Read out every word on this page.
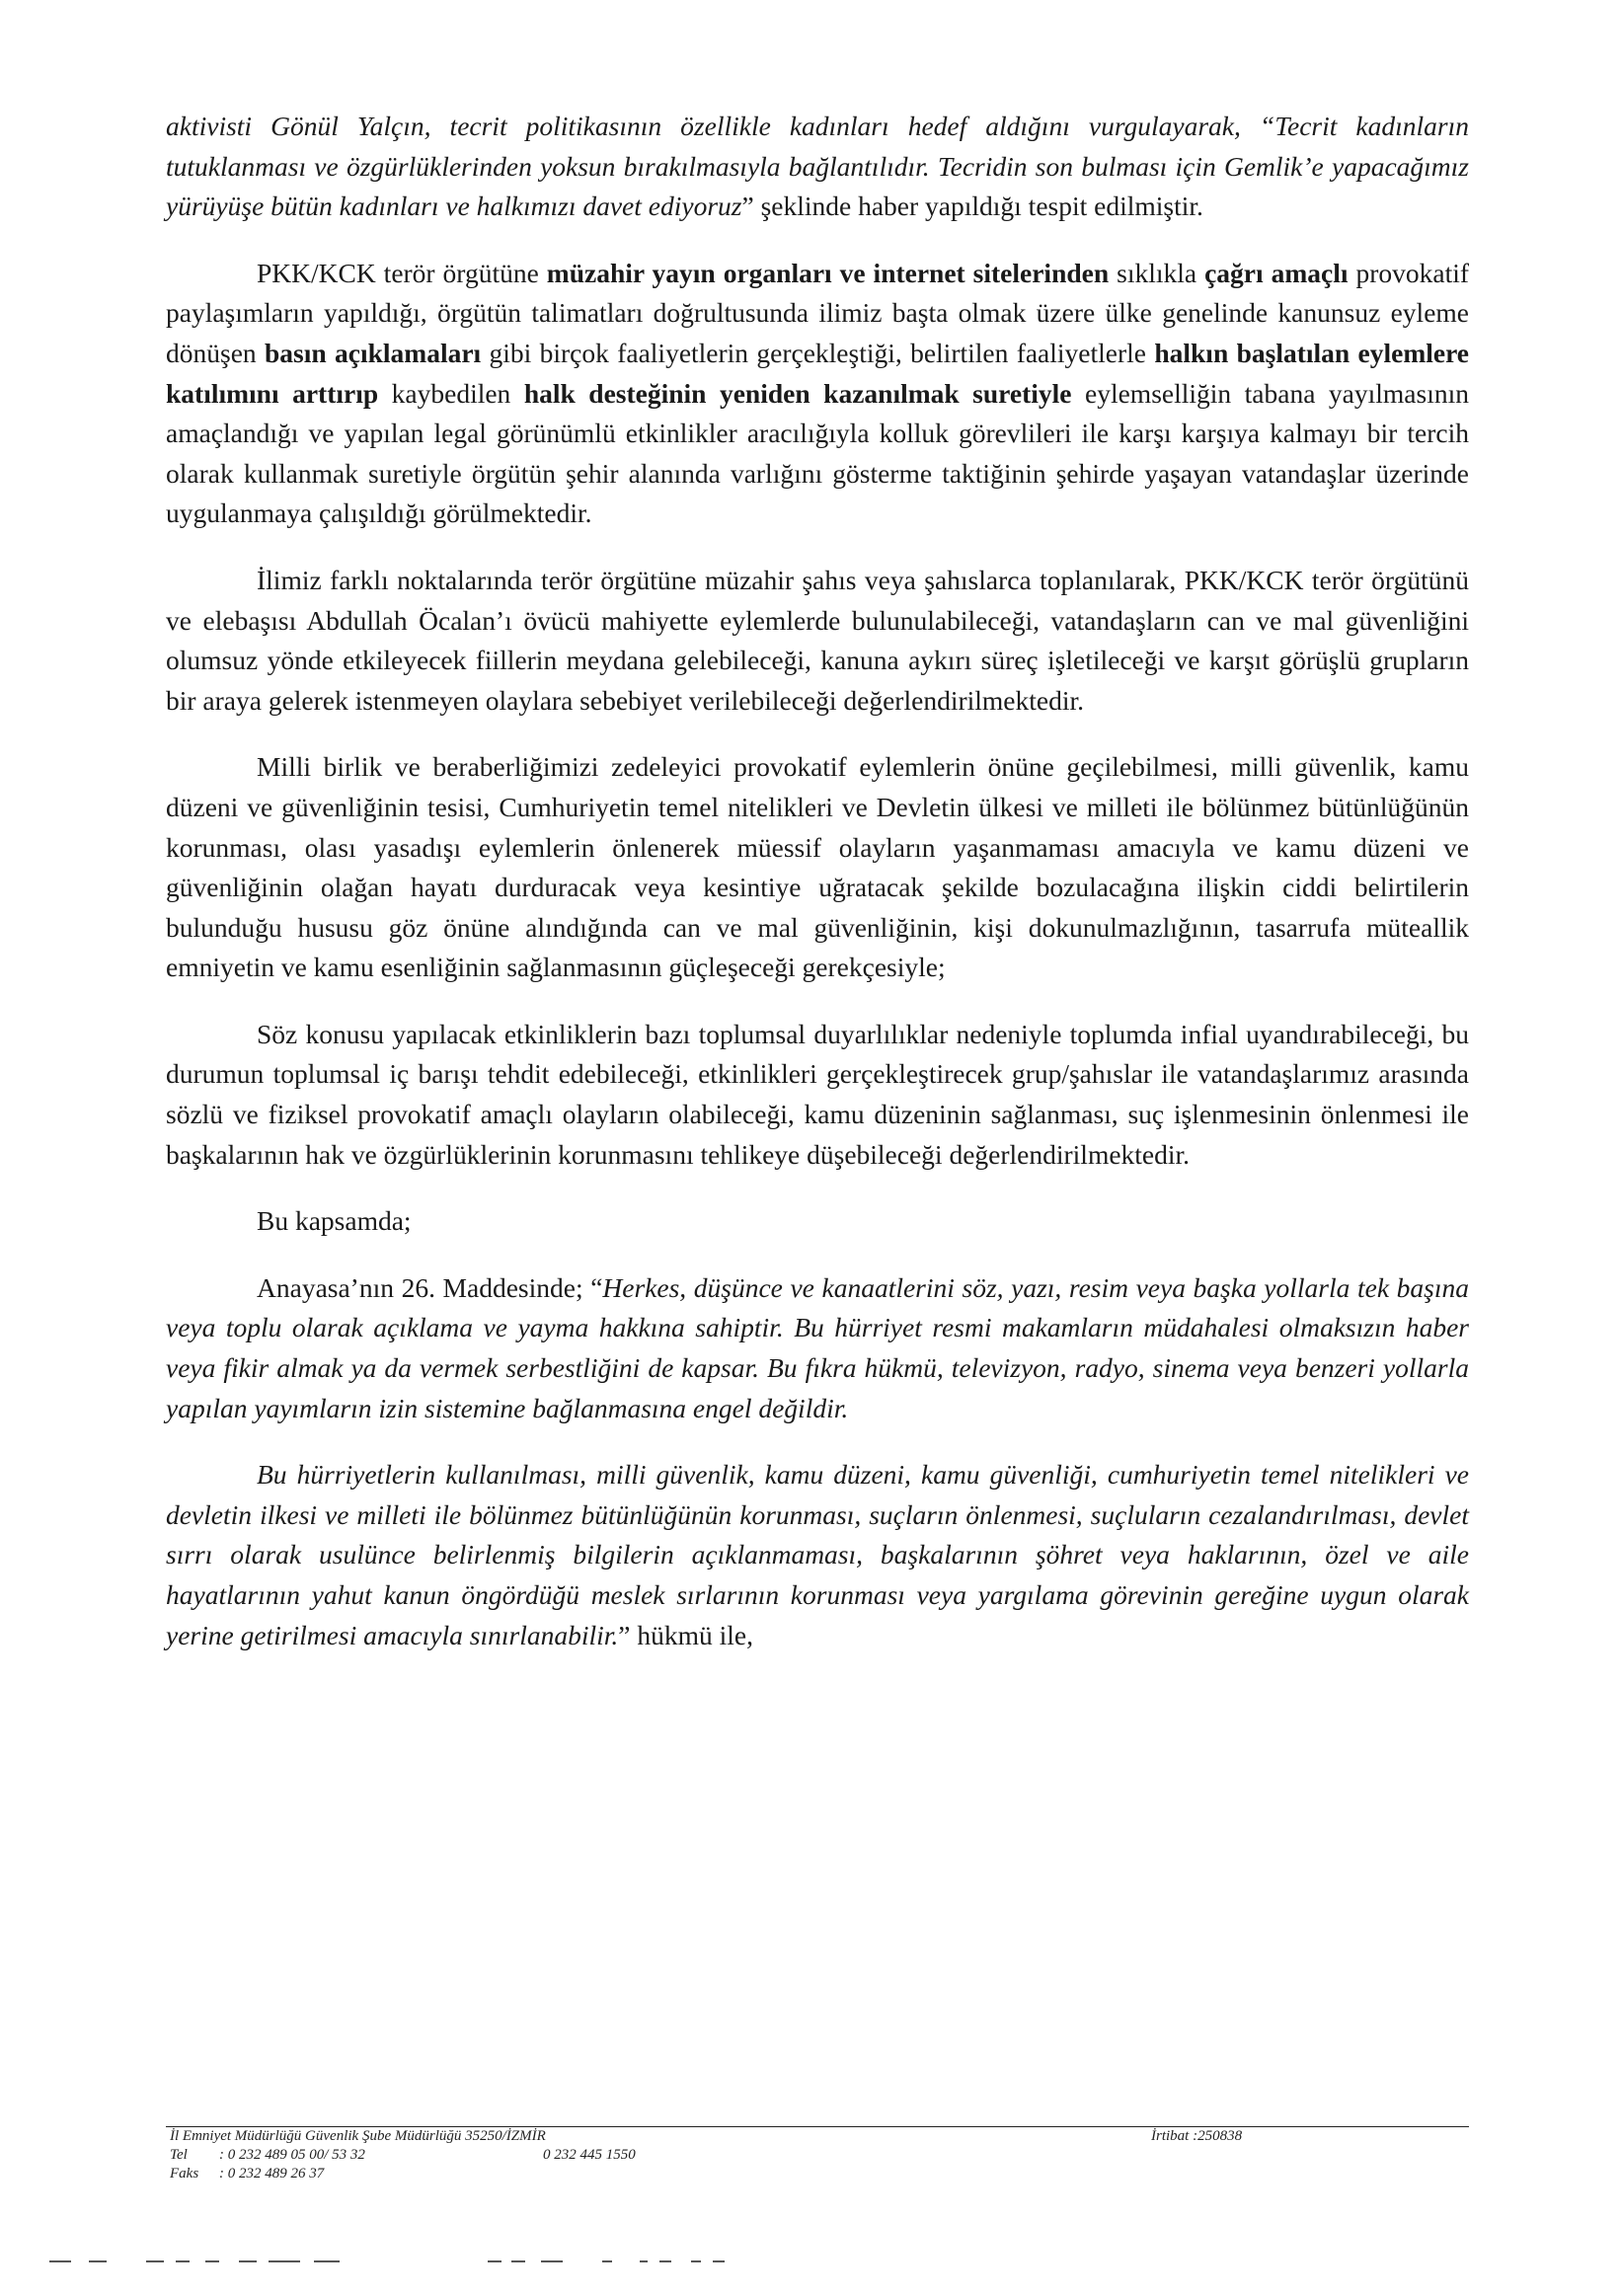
aktivisti Gönül Yalçın, tecrit politikasının özellikle kadınları hedef aldığını vurgulayarak, “Tecrit kadınların tutuklanması ve özgürlüklerinden yoksun bırakılmasıyla bağlantılıdır. Tecridin son bulması için Gemlik’e yapacağımız yürüyüşe bütün kadınları ve halkımızı davet ediyoruz” şeklinde haber yapıldığı tespit edilmiştir.

PKK/KCK terör örgütüne müzahir yayın organları ve internet sitelerinden sıklıkla çağrı amaçlı provokatif paylaşımların yapıldığı, örgütün talimatları doğrultusunda ilimiz başta olmak üzere ülke genelinde kanunsuz eyleme dönüşen basın açıklamaları gibi birçok faaliyetlerin gerçekleştiği, belirtilen faaliyetlerle halkın başlatılan eylemlere katılımını arttırıp kaybedilen halk desteğinin yeniden kazanılmak suretiyle eylemselliğin tabana yayılmasının amaçlandığı ve yapılan legal görünümlü etkinlikler aracılığıyla kolluk görevlileri ile karşı karşıya kalmayı bir tercih olarak kullanmak suretiyle örgütün şehir alanında varlığını gösterme taktiğinin şehirde yaşayan vatandaşlar üzerinde uygulanmaya çalışıldığı görülmektedir.

İlimiz farklı noktalarında terör örgütüne müzahir şahıs veya şahıslarca toplanılarak, PKK/KCK terör örgütünü ve elebaşısı Abdullah Öcalan’ı övücü mahiyette eylemlerde bulunulabileceği, vatandaşların can ve mal güvenliğini olumsuz yönde etkileyecek fiillerin meydana gelebileceği, kanuna aykırı süreç işletileceği ve karşıt görüşlü grupların bir araya gelerek istenmeyen olaylara sebebiyet verilebileceği değerlendirilmektedir.

Milli birlik ve beraberliğimizi zedeleyici provokatif eylemlerin önüne geçilebilmesi, milli güvenlik, kamu düzeni ve güvenliğinin tesisi, Cumhuriyetin temel nitelikleri ve Devletin ülkesi ve milleti ile bölünmez bütünlüğünün korunması, olası yasadışı eylemlerin önlenerek müessif olayların yaşanmaması amacıyla ve kamu düzeni ve güvenliğinin olağan hayatı durduracak veya kesintiye uğratacak şekilde bozulacağına ilişkin ciddi belirtilerin bulunduğu hususu göz önüne alındığında can ve mal güvenliğinin, kişi dokunulmazlığının, tasarrufa müteallik emniyetin ve kamu esenliğinin sağlanmasının güçleşeceği gerekçesiyle;

Söz konusu yapılacak etkinliklerin bazı toplumsal duyarlılıklar nedeniyle toplumda infial uyandırabileceği, bu durumun toplumsal iç barışı tehdit edebileceği, etkinlikleri gerçekleştirecek grup/şahıslar ile vatandaşlarımız arasında sözlü ve fiziksel provokatif amaçlı olayların olabileceği, kamu düzeninin sağlanması, suç işlenmesinin önlenmesi ile başkalarının hak ve özgürlüklerinin korunmasını tehlikeye düşebileceği değerlendirilmektedir.

Bu kapsamda;

Anayasa’nın 26. Maddesinde; “Herkes, düşünce ve kanaatlerini söz, yazı, resim veya başka yollarla tek başına veya toplu olarak açıklama ve yayma hakkına sahiptir. Bu hürriyet resmi makamların müdahalesi olmaksızın haber veya fikir almak ya da vermek serbestliğini de kapsar. Bu fıkra hükmü, televizyon, radyo, sinema veya benzeri yollarla yapılan yayımların izin sistemine bağlanmasına engel değildir.

Bu hürriyetlerin kullanılması, milli güvenlik, kamu düzeni, kamu güvenliği, cumhuriyetin temel nitelikleri ve devletin ilkesi ve milleti ile bölünmez bütünlüğünün korunması, suçların önlenmesi, suçluların cezalandırılması, devlet sırrı olarak usulünce belirlenmiş bilgilerin açıklanmaması, başkalarının şöhret veya haklarının, özel ve aile hayatlarının yahut kanun öngördüğü meslek sırlarının korunması veya yargılama görevinin gereğine uygun olarak yerine getirilmesi amacıyla sınırlanabilir.” hükmü ile,

İl Emniyet Müdürlüğü Güvenlik Şube Müdürlüğü 35250/İZMİR	İrtibat :250838
Tel : 0 232 489 05 00/ 53 32	0 232 445 1550
Faks : 0 232 489 26 37
